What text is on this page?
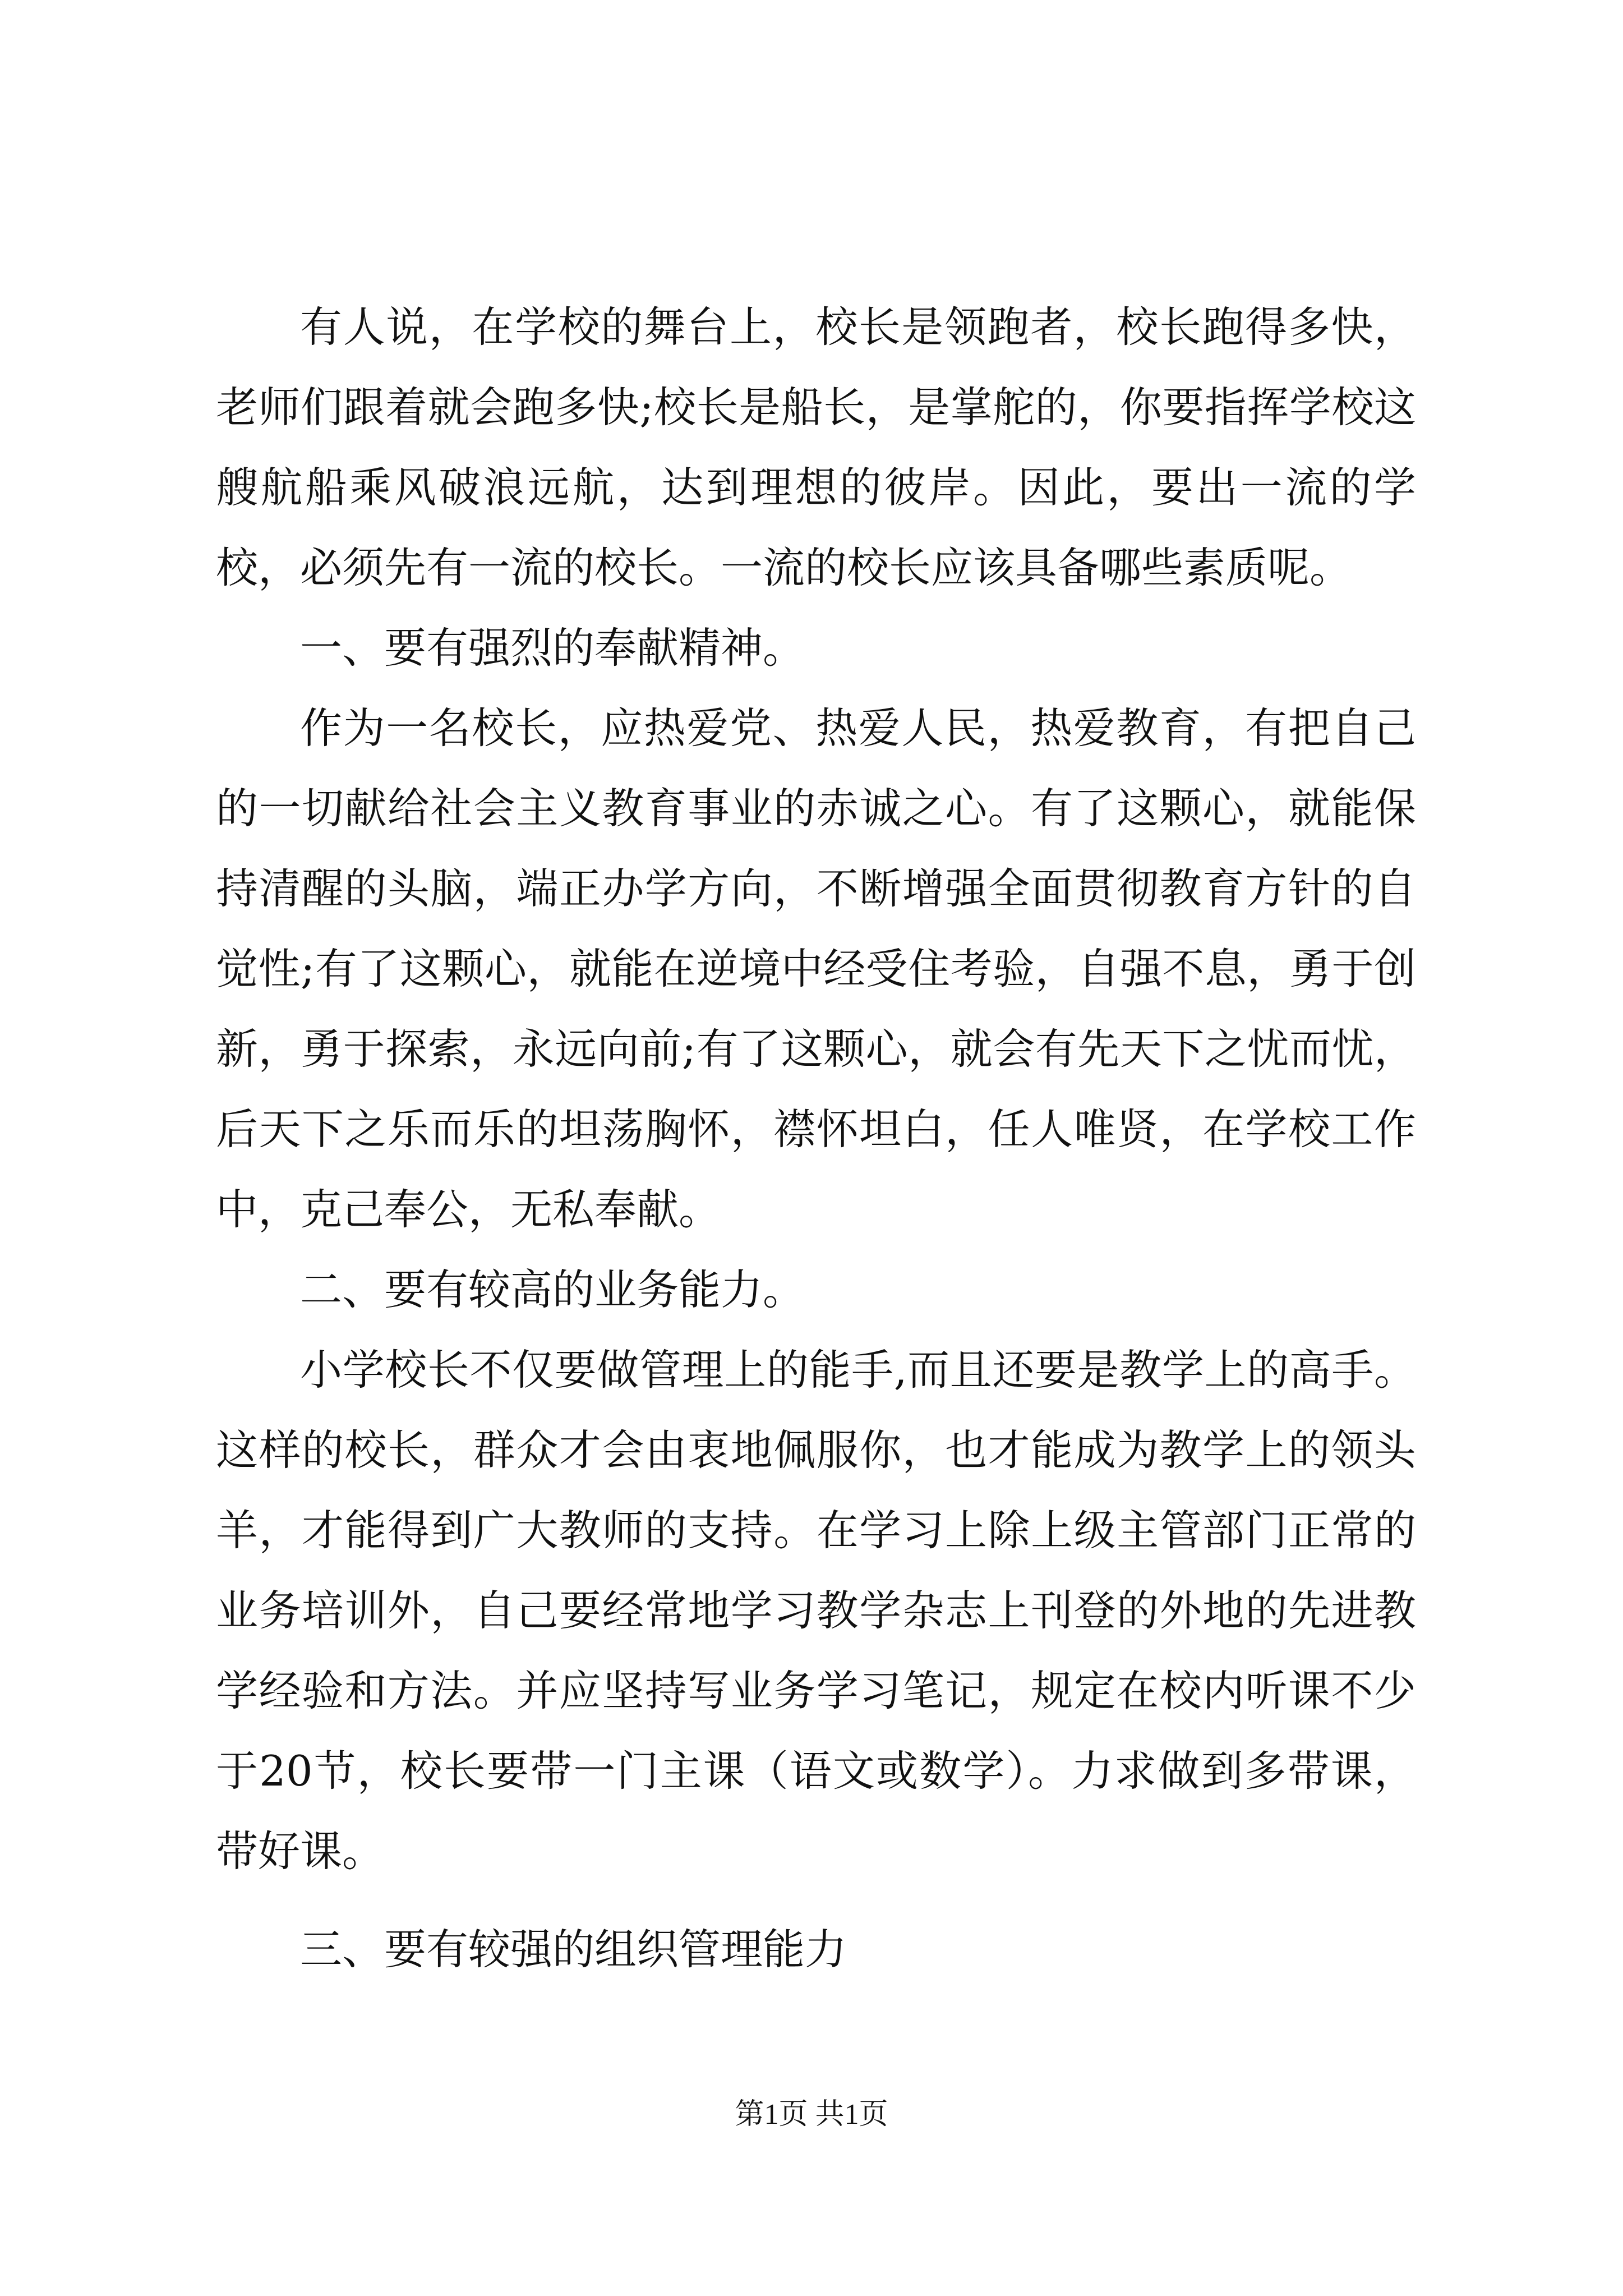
有人说，在学校的舞台上，校长是领跑者，校长跑得多快，老师们跟着就会跑多快;校长是船长，是掌舵的，你要指挥学校这艘航船乘风破浪远航，达到理想的彼岸。因此，要出一流的学校，必须先有一流的校长。一流的校长应该具备哪些素质呢。

一、要有强烈的奉献精神。

作为一名校长，应热爱党、热爱人民，热爱教育，有把自己的一切献给社会主义教育事业的赤诚之心。有了这颗心，就能保持清醒的头脑，端正办学方向，不断增强全面贯彻教育方针的自觉性;有了这颗心，就能在逆境中经受住考验，自强不息，勇于创新，勇于探索，永远向前;有了这颗心，就会有先天下之忧而忧，后天下之乐而乐的坦荡胸怀，襟怀坦白，任人唯贤，在学校工作中，克己奉公，无私奉献。

二、要有较高的业务能力。

小学校长不仅要做管理上的能手,而且还要是教学上的高手。这样的校长，群众才会由衷地佩服你，也才能成为教学上的领头羊，才能得到广大教师的支持。在学习上除上级主管部门正常的业务培训外，自己要经常地学习教学杂志上刊登的外地的先进教学经验和方法。并应坚持写业务学习笔记，规定在校内听课不少于20节，校长要带一门主课（语文或数学）。力求做到多带课，带好课。

三、要有较强的组织管理能力

第1页 共1页
